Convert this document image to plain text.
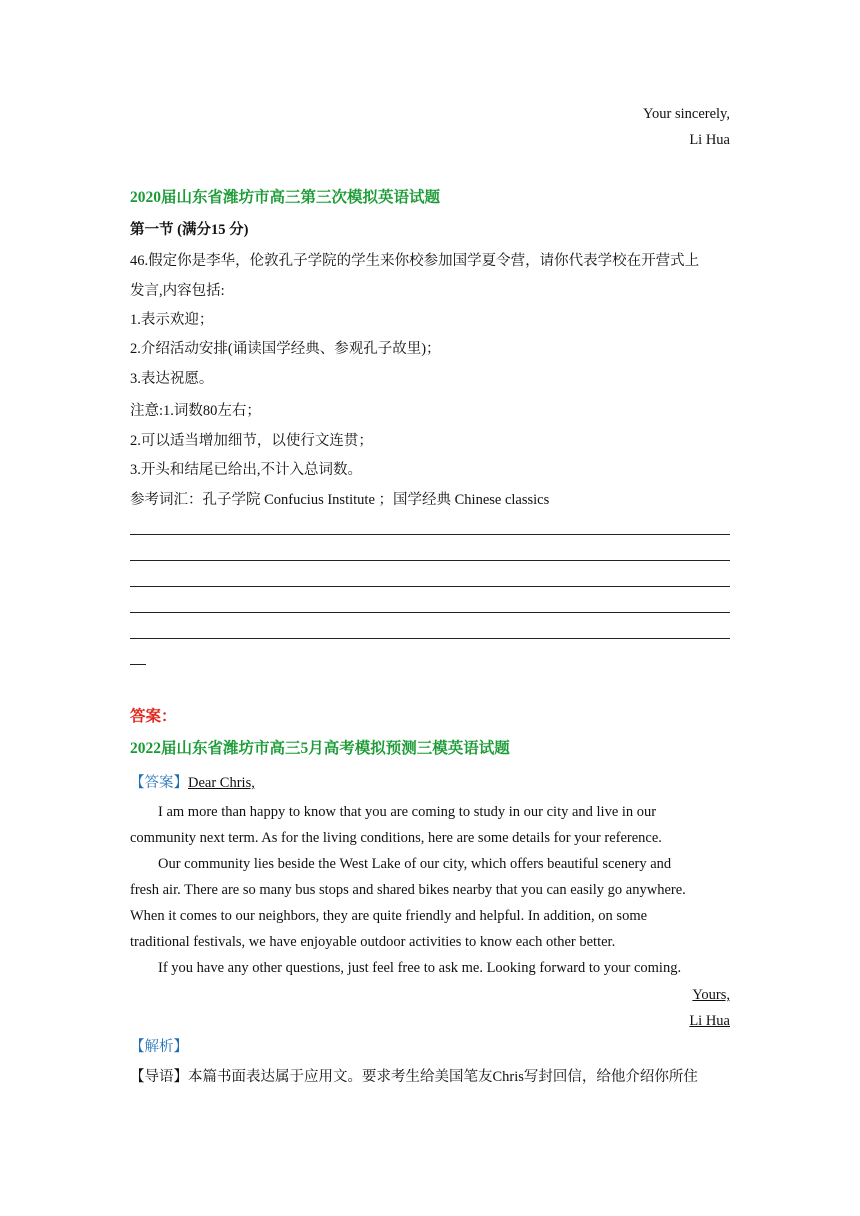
Your sincerely,
Li Hua
2020届山东省潍坊市高三第三次模拟英语试题
第一节 (满分15 分)
46.假定你是李华，伦敦孔子学院的学生来你校参加国学夏令营，请你代表学校在开营式上
发言,内容包括:
1.表示欢迎；
2.介绍活动安排(诵读国学经典、参观孔子故里)；
3.表达祝愿。
注意:1.词数80左右；
2.可以适当增加细节，以使行文连贯；
3.开头和结尾已给出,不计入总词数。
参考词汇：孔子学院 Confucius Institute ；国学经典 Chinese classics
答案：
2022届山东省潍坊市高三5月高考模拟预测三模英语试题
【答案】Dear Chris,
I am more than happy to know that you are coming to study in our city and live in our
community next term. As for the living conditions, here are some details for your reference.
Our community lies beside the West Lake of our city, which offers beautiful scenery and
fresh air. There are so many bus stops and shared bikes nearby that you can easily go anywhere.
When it comes to our neighbors, they are quite friendly and helpful. In addition, on some
traditional festivals, we have enjoyable outdoor activities to know each other better.
If you have any other questions, just feel free to ask me. Looking forward to your coming.
Yours,
Li Hua
【解析】
【导语】本篇书面表达属于应用文。要求考生给美国笔友Chris写封回信，给他介绍你所住
